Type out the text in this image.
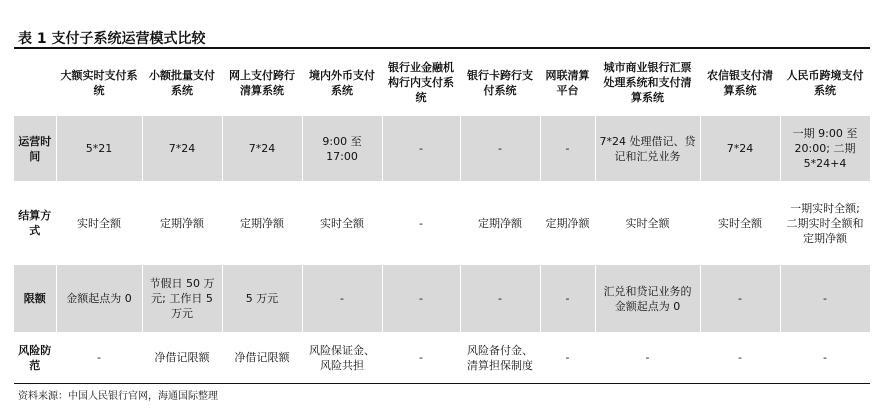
表 1 支付子系统运营模式比较
	大额实时支付系统	小额批量支付系统	网上支付跨行清算系统	境内外币支付系统	银行业金融机构行内支付系统	银行卡跨行支付系统	网联清算平台	城市商业银行汇票处理系统和支付清算系统	农信银支付清算系统	人民币跨境支付系统
运营时间	5*21	7*24	7*24	9:00 至 17:00	-	-	-	7*24 处理借记、贷记和汇兑业务	7*24	一期 9:00 至 20:00; 二期 5*24+4
结算方式	实时全额	定期净额	定期净额	实时全额	-	定期净额	定期净额	实时全额	实时全额	一期实时全额; 二期实时全额和定期净额
限额	金额起点为 0	节假日 50 万元; 工作日 5 万元	5 万元	-	-	-	-	汇兑和贷记业务的金额起点为 0	-	-
风险防范	-	净借记限额	净借记限额	风险保证金、风险共担	-	风险备付金、清算担保制度	-	-	-	-
资料来源：中国人民银行官网，海通国际整理
